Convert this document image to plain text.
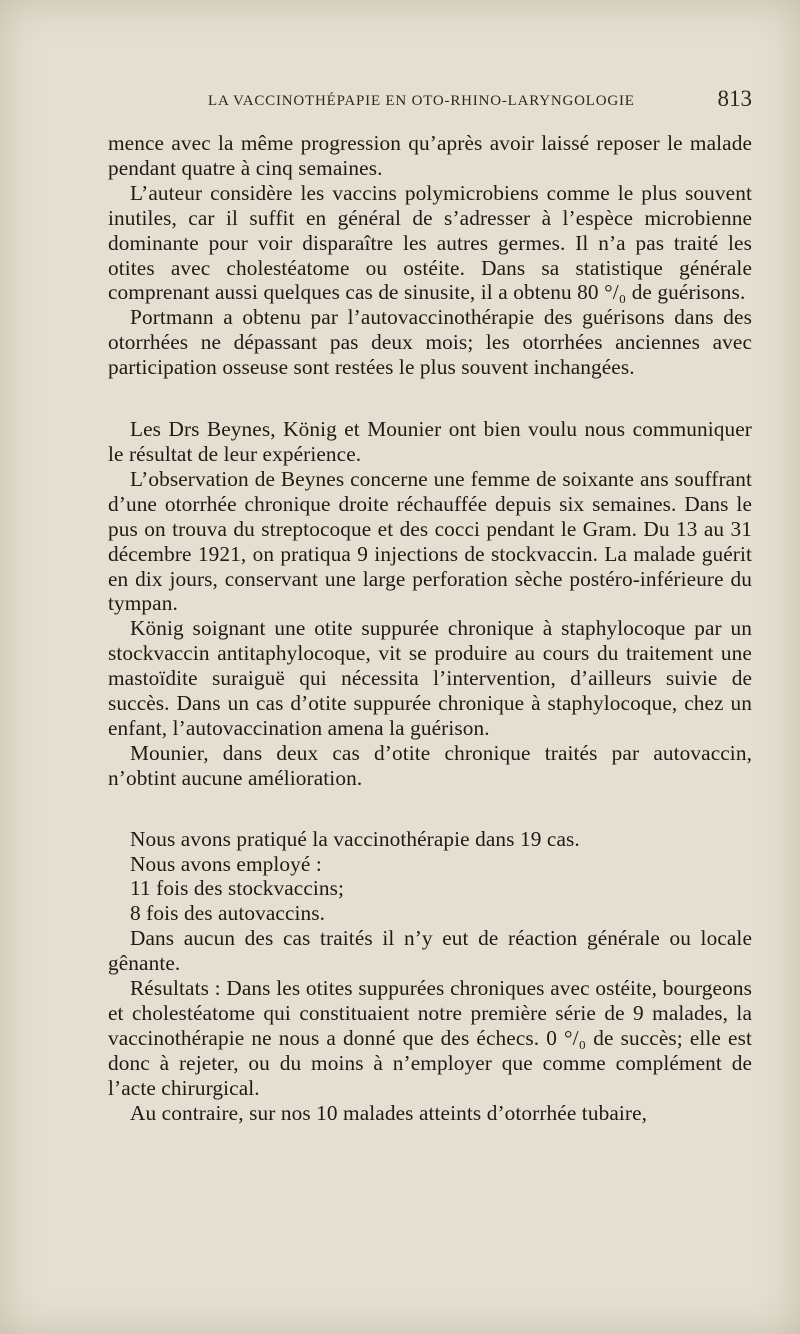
LA VACCINOTHÉPAPIE EN OTO-RHINO-LARYNGOLOGIE	813

mence avec la même progression qu’après avoir laissé reposer le malade pendant quatre à cinq semaines.

L’auteur considère les vaccins polymicrobiens comme le plus souvent inutiles, car il suffit en général de s’adresser à l’espèce microbienne dominante pour voir disparaître les autres germes. Il n’a pas traité les otites avec cholestéatome ou ostéite. Dans sa statistique générale comprenant aussi quelques cas de sinusite, il a obtenu 80 °/₀ de guérisons.

Portmann a obtenu par l’autovaccinothérapie des guérisons dans des otorrhées ne dépassant pas deux mois; les otorrhées anciennes avec participation osseuse sont restées le plus souvent inchangées.

Les Drs Beynes, König et Mounier ont bien voulu nous communiquer le résultat de leur expérience.

L’observation de Beynes concerne une femme de soixante ans souffrant d’une otorrhée chronique droite réchauffée depuis six semaines. Dans le pus on trouva du streptocoque et des cocci pendant le Gram. Du 13 au 31 décembre 1921, on pratiqua 9 injections de stockvaccin. La malade guérit en dix jours, conservant une large perforation sèche postéro-inférieure du tympan.

König soignant une otite suppurée chronique à staphylocoque par un stockvaccin antitaphylocoque, vit se produire au cours du traitement une mastoïdite suraiguë qui nécessita l’intervention, d’ailleurs suivie de succès. Dans un cas d’otite suppurée chronique à staphylocoque, chez un enfant, l’autovaccination amena la guérison.

Mounier, dans deux cas d’otite chronique traités par autovaccin, n’obtint aucune amélioration.

Nous avons pratiqué la vaccinothérapie dans 19 cas.

Nous avons employé :

11 fois des stockvaccins;

8 fois des autovaccins.

Dans aucun des cas traités il n’y eut de réaction générale ou locale gênante.

Résultats : Dans les otites suppurées chroniques avec ostéite, bourgeons et cholestéatome qui constituaient notre première série de 9 malades, la vaccinothérapie ne nous a donné que des échecs. 0 °/₀ de succès; elle est donc à rejeter, ou du moins à n’employer que comme complément de l’acte chirurgical.

Au contraire, sur nos 10 malades atteints d’otorrhée tubaire,
